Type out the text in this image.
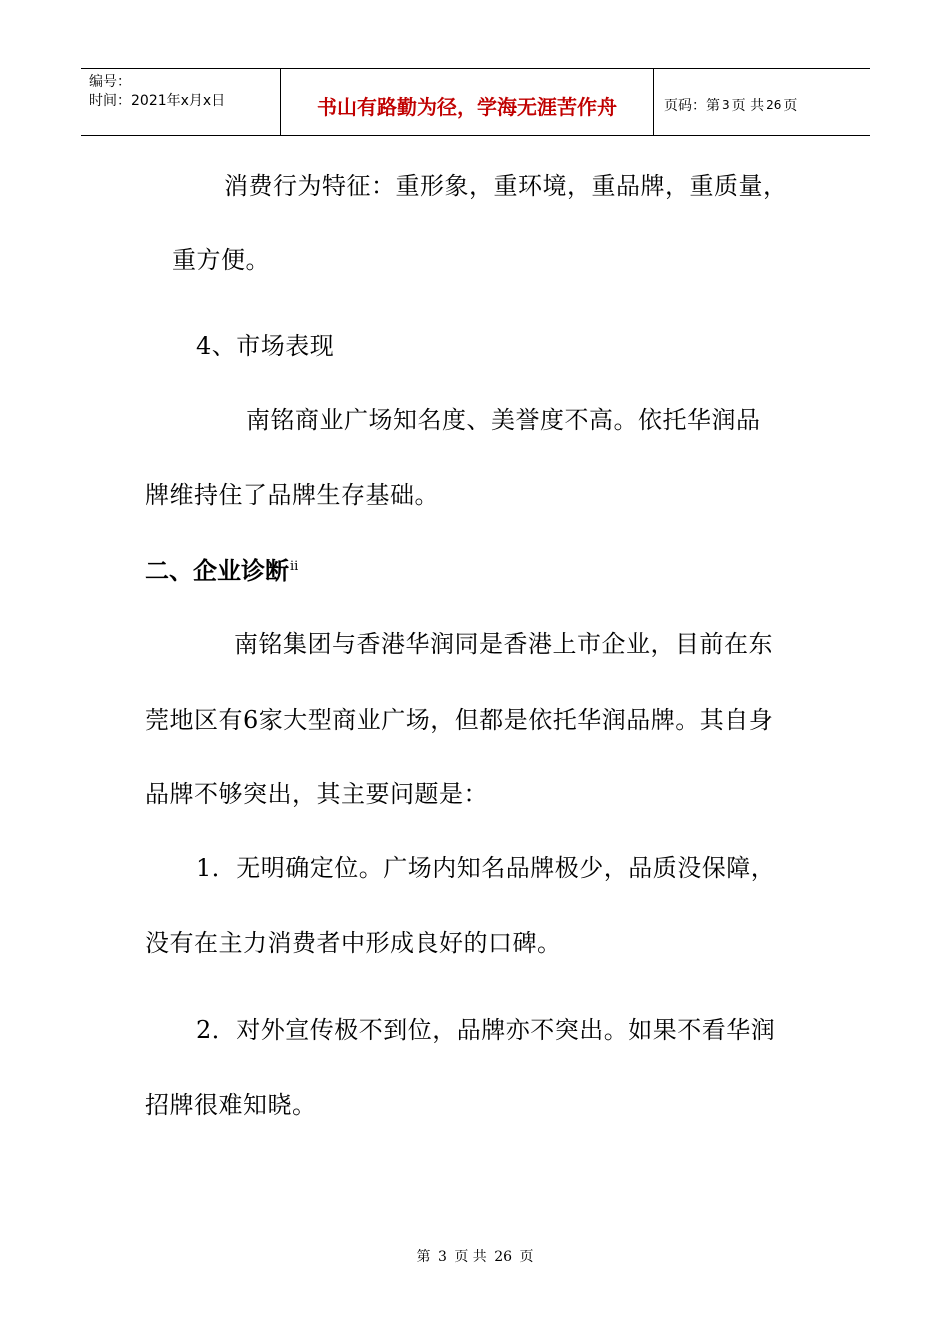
编号：
时间：2021年x月x日	书山有路勤为径，学海无涯苦作舟	页码：第 3 页 共 26 页
消费行为特征：重形象，重环境，重品牌，重质量，
重方便。
4、市场表现
南铭商业广场知名度、美誉度不高。依托华润品
牌维持住了品牌生存基础。
二、企业诊断$^{ii}$
南铭集团与香港华润同是香港上市企业，目前在东
莞地区有6家大型商业广场，但都是依托华润品牌。其自身
品牌不够突出，其主要问题是：
1．无明确定位。广场内知名品牌极少，品质没保障，
没有在主力消费者中形成良好的口碑。
2．对外宣传极不到位，品牌亦不突出。如果不看华润
招牌很难知晓。
第 3 页 共 26 页
